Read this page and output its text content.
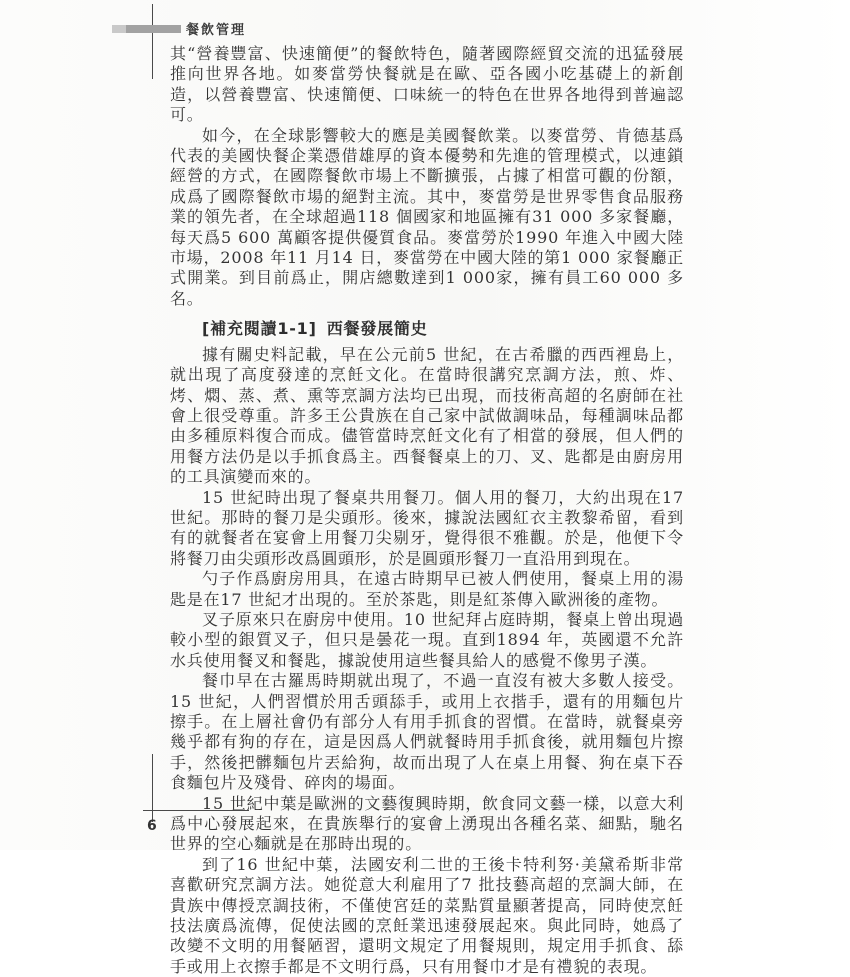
餐飲管理

其“營養豐富、快速簡便”的餐飲特色，隨著國際經貿交流的迅猛發展推向世界各地。如麥當勞快餐就是在歐、亞各國小吃基礎上的新創造，以營養豐富、快速簡便、口味統一的特色在世界各地得到普遍認可。

如今，在全球影響較大的應是美國餐飲業。以麥當勞、肯德基爲代表的美國快餐企業憑借雄厚的資本優勢和先進的管理模式，以連鎖經營的方式，在國際餐飲市場上不斷擴張，占據了相當可觀的份額，成爲了國際餐飲市場的絕對主流。其中，麥當勞是世界零售食品服務業的領先者，在全球超過118 個國家和地區擁有31 000 多家餐廳，每天爲5 600 萬顧客提供優質食品。麥當勞於1990 年進入中國大陸市場，2008 年11 月14 日，麥當勞在中國大陸的第1 000 家餐廳正式開業。到目前爲止，開店總數達到1 000家，擁有員工60 000 多名。

[補充閱讀1-1] 西餐發展簡史

據有關史料記載，早在公元前5 世紀，在古希臘的西西裡島上，就出現了高度發達的烹飪文化。在當時很講究烹調方法，煎、炸、烤、燜、蒸、煮、熏等烹調方法均已出現，而技術高超的名廚師在社會上很受尊重。許多王公貴族在自己家中試做調味品，每種調味品都由多種原料復合而成。儘管當時烹飪文化有了相當的發展，但人們的用餐方法仍是以手抓食爲主。西餐餐桌上的刀、叉、匙都是由廚房用的工具演變而來的。

15 世紀時出現了餐桌共用餐刀。個人用的餐刀，大約出現在17 世紀。那時的餐刀是尖頭形。後來，據說法國紅衣主教黎希留，看到有的就餐者在宴會上用餐刀尖剔牙，覺得很不雅觀。於是，他便下令將餐刀由尖頭形改爲圓頭形，於是圓頭形餐刀一直沿用到現在。

勺子作爲廚房用具，在遠古時期早已被人們使用，餐桌上用的湯匙是在17 世紀才出現的。至於茶匙，則是紅茶傳入歐洲後的產物。

叉子原來只在廚房中使用。10 世紀拜占庭時期，餐桌上曾出現過較小型的銀質叉子，但只是曇花一現。直到1894 年，英國還不允許水兵使用餐叉和餐匙，據說使用這些餐具給人的感覺不像男子漢。

餐巾早在古羅馬時期就出現了，不過一直沒有被大多數人接受。15 世紀，人們習慣於用舌頭舔手，或用上衣揩手，還有的用麵包片擦手。在上層社會仍有部分人有用手抓食的習慣。在當時，就餐桌旁幾乎都有狗的存在，這是因爲人們就餐時用手抓食後，就用麵包片擦手，然後把髒麵包片丟給狗，故而出現了人在桌上用餐、狗在桌下吞食麵包片及殘骨、碎肉的場面。

15 世紀中葉是歐洲的文藝復興時期，飲食同文藝一樣，以意大利爲中心發展起來，在貴族舉行的宴會上湧現出各種名菜、細點，馳名世界的空心麵就是在那時出現的。

到了16 世紀中葉，法國安利二世的王後卡特利努·美黛希斯非常喜歡研究烹調方法。她從意大利雇用了7 批技藝高超的烹調大師，在貴族中傳授烹調技術，不僅使宮廷的菜點質量顯著提高，同時使烹飪技法廣爲流傳，促使法國的烹飪業迅速發展起來。與此同時，她爲了改變不文明的用餐陋習，還明文規定了用餐規則，規定用手抓食、舔手或用上衣擦手都是不文明行爲，只有用餐巾才是有禮貌的表現。

6
